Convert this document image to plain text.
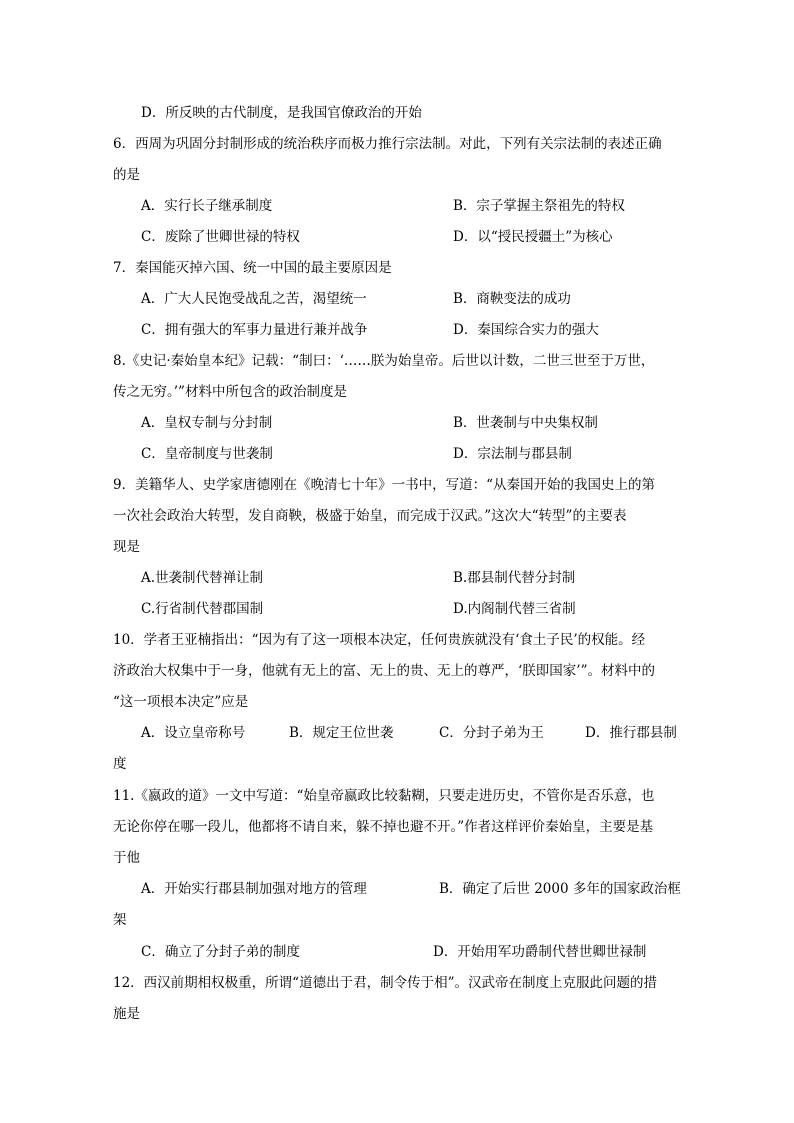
D．所反映的古代制度，是我国官僚政治的开始
6．西周为巩固分封制形成的统治秩序而极力推行宗法制。对此，下列有关宗法制的表述正确
的是
A．实行长子继承制度	B．宗子掌握主祭祖先的特权
C．废除了世卿世禄的特权	D．以“授民授疆土”为核心
7．秦国能灭掉六国、统一中国的最主要原因是
A．广大人民饱受战乱之苦，渴望统一	B．商鞅变法的成功
C．拥有强大的军事力量进行兼并战争	D．秦国综合实力的强大
8.《史记·秦始皇本纪》记载：“制曰：‘……朕为始皇帝。后世以计数，二世三世至于万世，
传之无穷。’”材料中所包含的政治制度是
A．皇权专制与分封制	B．世袭制与中央集权制
C．皇帝制度与世袭制	D．宗法制与郡县制
9．美籍华人、史学家唐德刚在《晚清七十年》一书中，写道：“从秦国开始的我国史上的第
一次社会政治大转型，发自商鞅，极盛于始皇，而完成于汉武。”这次大“转型”的主要表
现是
A.世袭制代替禅让制	B.郡县制代替分封制
C.行省制代替郡国制	D.内阁制代替三省制
10．学者王亚楠指出：“因为有了这一项根本决定，任何贵族就没有‘食土子民’的权能。经
济政治大权集中于一身，他就有无上的富、无上的贵、无上的尊严，‘朕即国家’”。材料中的
“这一项根本决定”应是
A．设立皇帝称号	B．规定王位世袭	C．分封子弟为王	D．推行郡县制
度
11.《嬴政的道》一文中写道：“始皇帝嬴政比较黏糊，只要走进历史，不管你是否乐意，也
无论你停在哪一段儿，他都将不请自来，躲不掉也避不开。”作者这样评价秦始皇，主要是基
于他
A．开始实行郡县制加强对地方的管理	B．确定了后世 2000 多年的国家政治框
架
C．确立了分封子弟的制度	D．开始用军功爵制代替世卿世禄制
12．西汉前期相权极重，所谓“道德出于君，制令传于相”。汉武帝在制度上克服此问题的措
施是
